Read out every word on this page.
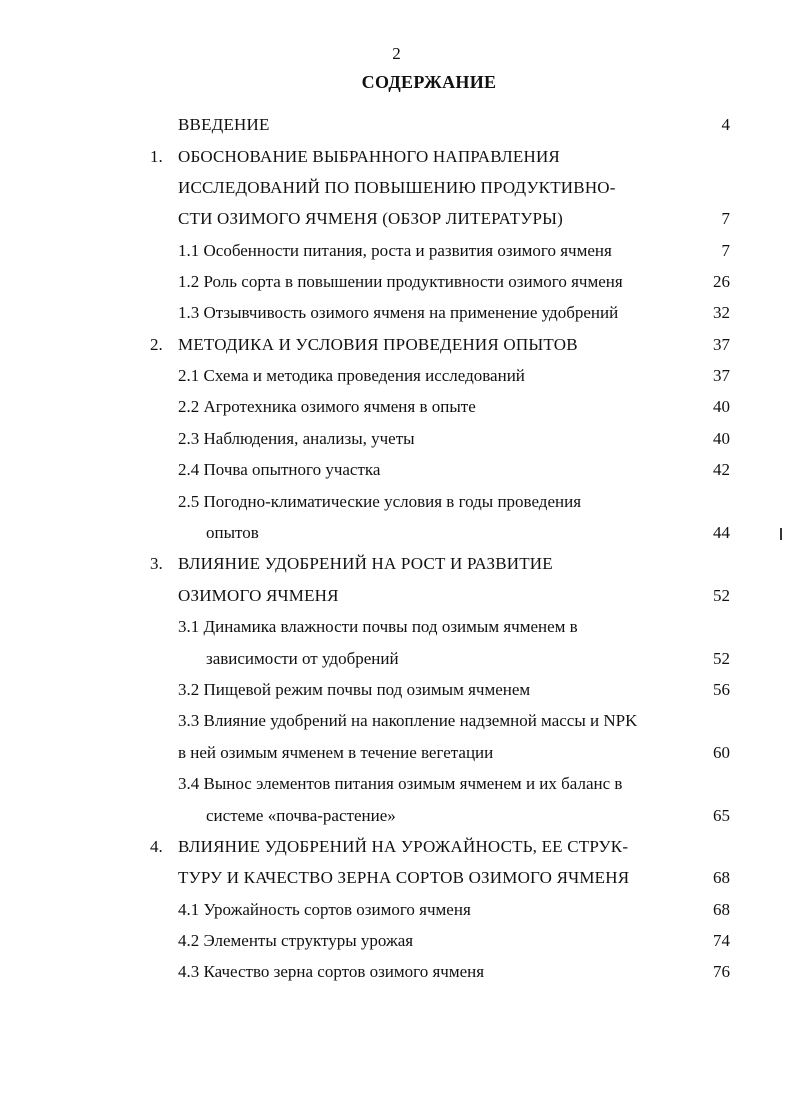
2
СОДЕРЖАНИЕ
ВВЕДЕНИЕ	4
1. ОБОСНОВАНИЕ ВЫБРАННОГО НАПРАВЛЕНИЯ
ИССЛЕДОВАНИЙ ПО ПОВЫШЕНИЮ ПРОДУКТИВНО-
СТИ ОЗИМОГО ЯЧМЕНЯ (ОБЗОР ЛИТЕРАТУРЫ)	7
1.1 Особенности питания, роста и развития озимого ячменя	7
1.2 Роль сорта в повышении продуктивности озимого ячменя	26
1.3 Отзывчивость озимого ячменя на применение удобрений	32
2. МЕТОДИКА И УСЛОВИЯ ПРОВЕДЕНИЯ ОПЫТОВ	37
2.1 Схема и методика проведения исследований	37
2.2 Агротехника озимого ячменя в опыте	40
2.3 Наблюдения, анализы, учеты	40
2.4 Почва опытного участка	42
2.5 Погодно-климатические условия в годы проведения
опытов	44
3. ВЛИЯНИЕ УДОБРЕНИЙ НА РОСТ И РАЗВИТИЕ
ОЗИМОГО ЯЧМЕНЯ	52
3.1 Динамика влажности почвы под озимым ячменем в
зависимости от удобрений	52
3.2 Пищевой режим почвы под озимым ячменем	56
3.3 Влияние удобрений на накопление надземной массы и NPK
в ней озимым ячменем в течение вегетации	60
3.4 Вынос элементов питания озимым ячменем и их баланс в
системе «почва-растение»	65
4. ВЛИЯНИЕ УДОБРЕНИЙ НА УРОЖАЙНОСТЬ, ЕЕ СТРУК-
ТУРУ И КАЧЕСТВО ЗЕРНА СОРТОВ ОЗИМОГО ЯЧМЕНЯ	68
4.1 Урожайность сортов озимого ячменя	68
4.2 Элементы структуры урожая	74
4.3 Качество зерна сортов озимого ячменя	76
